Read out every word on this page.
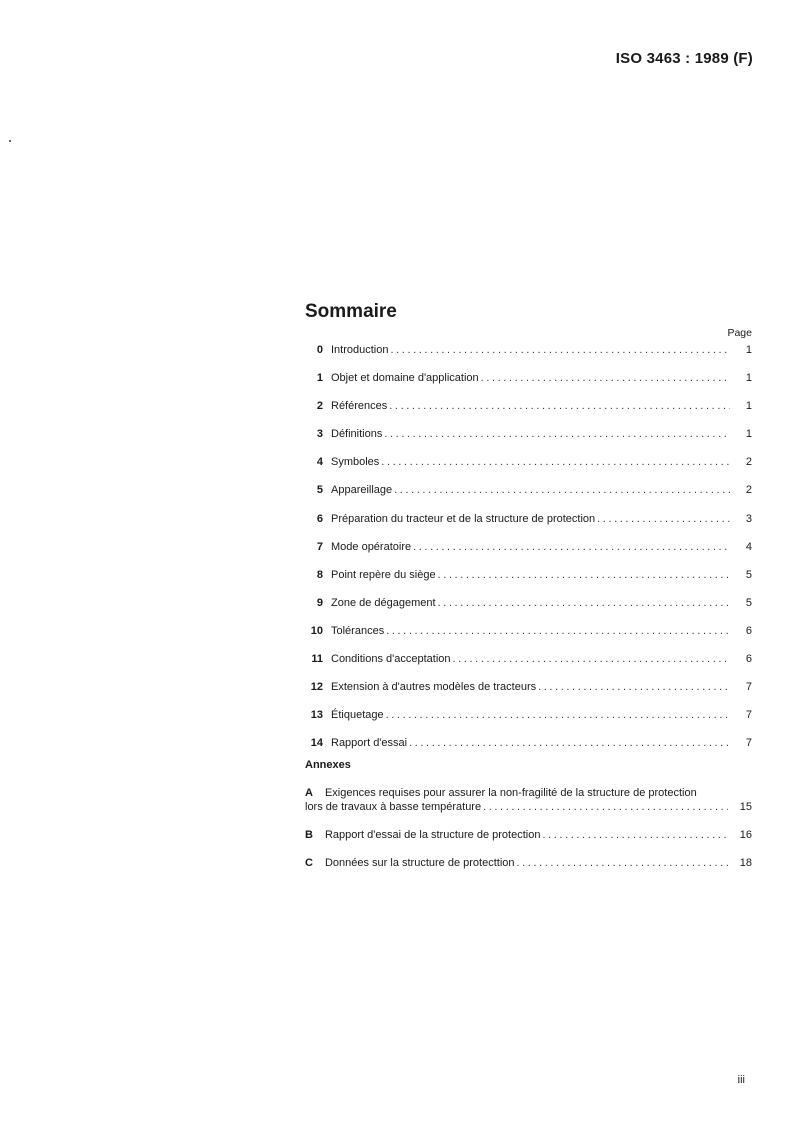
ISO 3463 : 1989 (F)
Sommaire
Page
0 Introduction .....	1
1 Objet et domaine d'application .....	1
2 Références .....	1
3 Définitions .....	1
4 Symboles .....	2
5 Appareillage .....	2
6 Préparation du tracteur et de la structure de protection .....	3
7 Mode opératoire .....	4
8 Point repère du siège .....	5
9 Zone de dégagement .....	5
10 Tolérances .....	6
11 Conditions d'acceptation .....	6
12 Extension à d'autres modèles de tracteurs .....	7
13 Étiquetage .....	7
14 Rapport d'essai .....	7
Annexes
A Exigences requises pour assurer la non-fragilité de la structure de protection
lors de travaux à basse température .....	15
B Rapport d'essai de la structure de protection .....	16
C Données sur la structure de protecttion .....	18
iii
